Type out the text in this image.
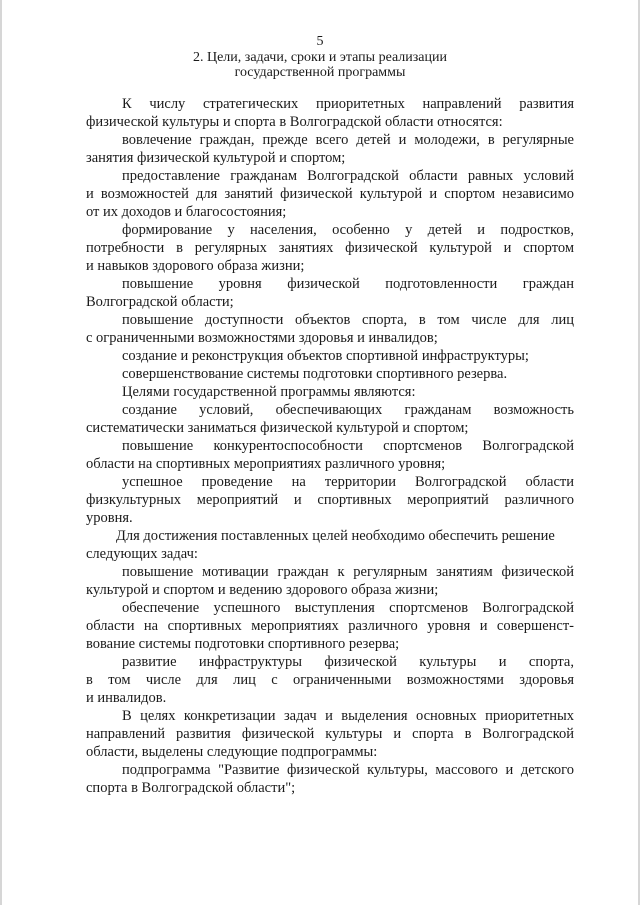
5
2. Цели, задачи, сроки и этапы реализации
государственной программы
К числу стратегических приоритетных направлений развития
физической культуры и спорта в Волгоградской области относятся:
вовлечение граждан, прежде всего детей и молодежи, в регулярные
занятия физической культурой и спортом;
предоставление гражданам Волгоградской области равных условий
и возможностей для занятий физической культурой и спортом независимо
от их доходов и благосостояния;
формирование у населения, особенно у детей и подростков,
потребности в регулярных занятиях физической культурой и спортом
и навыков здорового образа жизни;
повышение уровня физической подготовленности граждан
Волгоградской области;
повышение доступности объектов спорта, в том числе для лиц
с ограниченными возможностями здоровья и инвалидов;
создание и реконструкция объектов спортивной инфраструктуры;
совершенствование системы подготовки спортивного резерва.
Целями государственной программы являются:
создание условий, обеспечивающих гражданам возможность
систематически заниматься физической культурой и спортом;
повышение конкурентоспособности спортсменов Волгоградской
области на спортивных мероприятиях различного уровня;
успешное проведение на территории Волгоградской области
физкультурных мероприятий и спортивных мероприятий различного
уровня.
Для достижения поставленных целей необходимо обеспечить решение
следующих задач:
повышение мотивации граждан к регулярным занятиям физической
культурой и спортом и ведению здорового образа жизни;
обеспечение успешного выступления спортсменов Волгоградской
области на спортивных мероприятиях различного уровня и совершенст-
вование системы подготовки спортивного резерва;
развитие инфраструктуры физической культуры и спорта,
в том числе для лиц с ограниченными возможностями здоровья
и инвалидов.
В целях конкретизации задач и выделения основных приоритетных
направлений развития физической культуры и спорта в Волгоградской
области, выделены следующие подпрограммы:
подпрограмма "Развитие физической культуры, массового и детского
спорта в Волгоградской области";
